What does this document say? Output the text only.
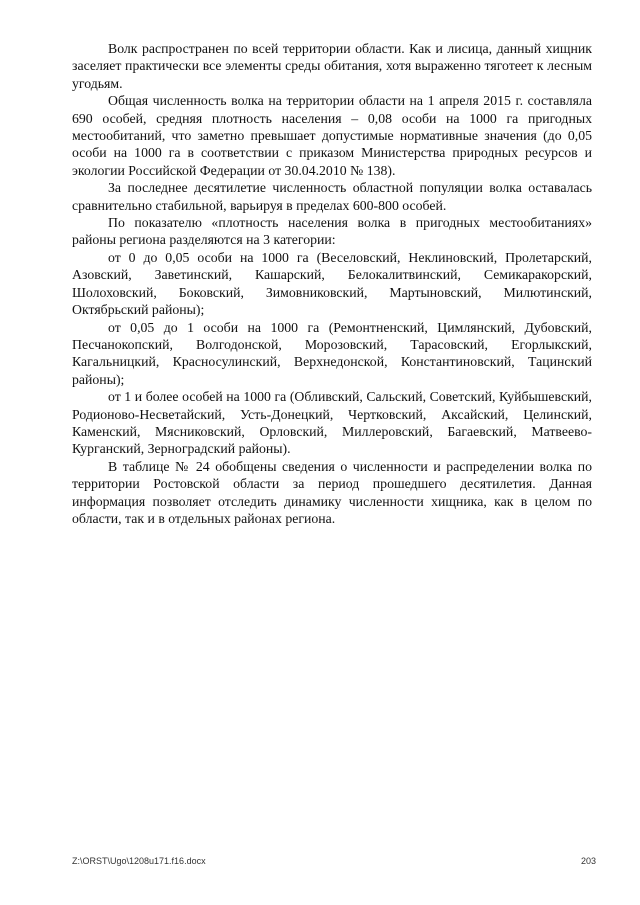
Волк распространен по всей территории области. Как и лисица, данный хищник заселяет практически все элементы среды обитания, хотя выраженно тяготеет к лесным угодьям.

Общая численность волка на территории области на 1 апреля 2015 г. составляла 690 особей, средняя плотность населения – 0,08 особи на 1000 га пригодных местообитаний, что заметно превышает допустимые нормативные значения (до 0,05 особи на 1000 га в соответствии с приказом Министерства природных ресурсов и экологии Российской Федерации от 30.04.2010 № 138).

За последнее десятилетие численность областной популяции волка оставалась сравнительно стабильной, варьируя в пределах 600-800 особей.

По показателю «плотность населения волка в пригодных местообитаниях» районы региона разделяются на 3 категории:

от 0 до 0,05 особи на 1000 га (Веселовский, Неклиновский, Пролетарский, Азовский, Заветинский, Кашарский, Белокалитвинский, Семикаракорский, Шолоховский, Боковский, Зимовниковский, Мартыновский, Милютинский, Октябрьский районы);

от 0,05 до 1 особи на 1000 га (Ремонтненский, Цимлянский, Дубовский, Песчанокопский, Волгодонской, Морозовский, Тарасовский, Егорлыкский, Кагальницкий, Красносулинский, Верхнедонской, Константиновский, Тацинский районы);

от 1 и более особей на 1000 га (Обливский, Сальский, Советский, Куйбышевский, Родионово-Несветайский, Усть-Донецкий, Чертковский, Аксайский, Целинский, Каменский, Мясниковский, Орловский, Миллеровский, Багаевский, Матвеево-Курганский, Зерноградский районы).

В таблице № 24 обобщены сведения о численности и распределении волка по территории Ростовской области за период прошедшего десятилетия. Данная информация позволяет отследить динамику численности хищника, как в целом по области, так и в отдельных районах региона.

Z:\ORST\Ugo\1208u171.f16.docx	203
